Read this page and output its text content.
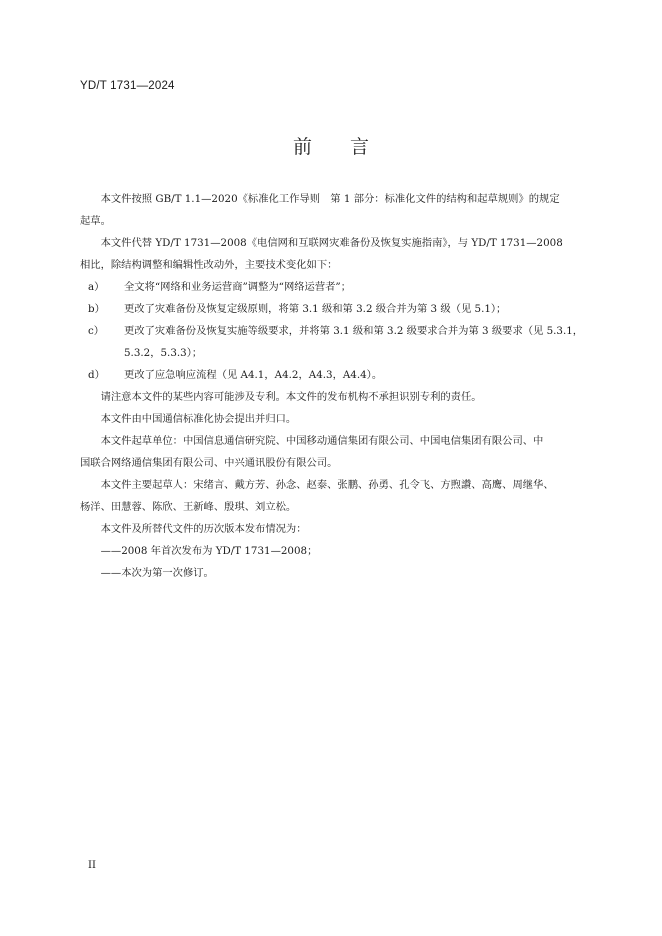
YD/T 1731—2024
前 言

本文件按照 GB/T 1.1—2020《标准化工作导则　第 1 部分：标准化文件的结构和起草规则》的规定
起草。

本文件代替 YD/T 1731—2008《电信网和互联网灾难备份及恢复实施指南》，与 YD/T 1731—2008
相比，除结构调整和编辑性改动外，主要技术变化如下：

a）	全文将“网络和业务运营商”调整为“网络运营者”；
b）	更改了灾难备份及恢复定级原则，将第 3.1 级和第 3.2 级合并为第 3 级（见 5.1）；
c）	更改了灾难备份及恢复实施等级要求，并将第 3.1 级和第 3.2 级要求合并为第 3 级要求（见 5.3.1，
5.3.2，5.3.3）；
d）	更改了应急响应流程（见 A4.1，A4.2，A4.3，A4.4）。

请注意本文件的某些内容可能涉及专利。本文件的发布机构不承担识别专利的责任。

本文件由中国通信标准化协会提出并归口。

本文件起草单位：中国信息通信研究院、中国移动通信集团有限公司、中国电信集团有限公司、中
国联合网络通信集团有限公司、中兴通讯股份有限公司。

本文件主要起草人：宋绪言、戴方芳、孙念、赵泰、张鹏、孙勇、孔令飞、方煦讚、高鹰、周继华、
杨洋、田慧蓉、陈欣、王新峰、殷琪、刘立松。

本文件及所替代文件的历次版本发布情况为：

——2008 年首次发布为 YD/T 1731—2008；

——本次为第一次修订。

II
